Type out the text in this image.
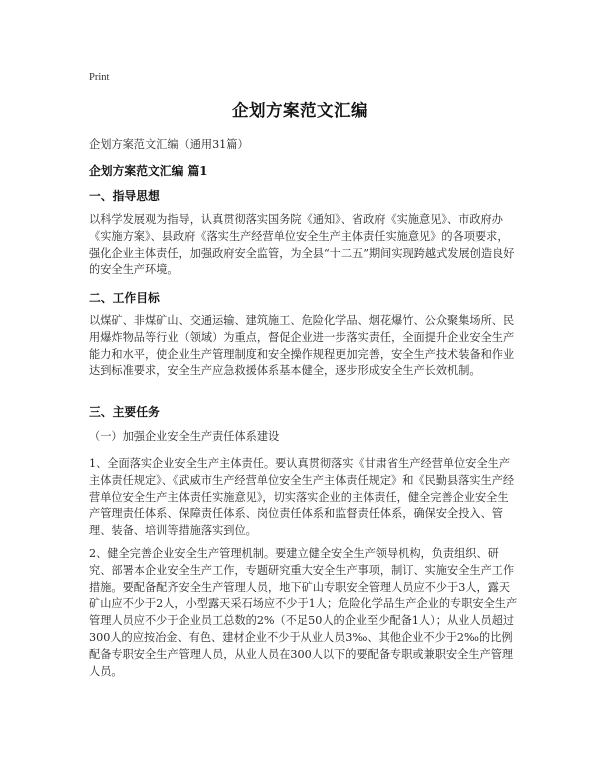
Print
企划方案范文汇编

企划方案范文汇编（通用31篇）

企划方案范文汇编 篇1

一、指导思想

以科学发展观为指导，认真贯彻落实国务院《通知》、省政府《实施意见》、市政府办《实施方案》、县政府《落实生产经营单位安全生产主体责任实施意见》的各项要求，强化企业主体责任，加强政府安全监管，为全县“十二五”期间实现跨越式发展创造良好的安全生产环境。

二、工作目标

以煤矿、非煤矿山、交通运输、建筑施工、危险化学品、烟花爆竹、公众聚集场所、民用爆炸物品等行业（领域）为重点，督促企业进一步落实责任，全面提升企业安全生产能力和水平，使企业生产管理制度和安全操作规程更加完善，安全生产技术装备和作业达到标准要求，安全生产应急救援体系基本健全，逐步形成安全生产长效机制。

三、主要任务

（一）加强企业安全生产责任体系建设

1、全面落实企业安全生产主体责任。要认真贯彻落实《甘肃省生产经营单位安全生产主体责任规定》、《武威市生产经营单位安全生产主体责任规定》和《民勤县落实生产经营单位安全生产主体责任实施意见》，切实落实企业的主体责任，健全完善企业安全生产管理责任体系、保障责任体系、岗位责任体系和监督责任体系，确保安全投入、管理、装备、培训等措施落实到位。

2、健全完善企业安全生产管理机制。要建立健全安全生产领导机构，负责组织、研究、部署本企业安全生产工作，专题研究重大安全生产事项，制订、实施安全生产工作措施。要配备配齐安全生产管理人员，地下矿山专职安全管理人员应不少于3人，露天矿山应不少于2人，小型露天采石场应不少于1人；危险化学品生产企业的专职安全生产管理人员应不少于企业员工总数的2%（不足50人的企业至少配备1人）；从业人员超过300人的应按冶金、有色、建材企业不少于从业人员3‰、其他企业不少于2‰的比例配备专职安全生产管理人员，从业人员在300人以下的要配备专职或兼职安全生产管理人员。
